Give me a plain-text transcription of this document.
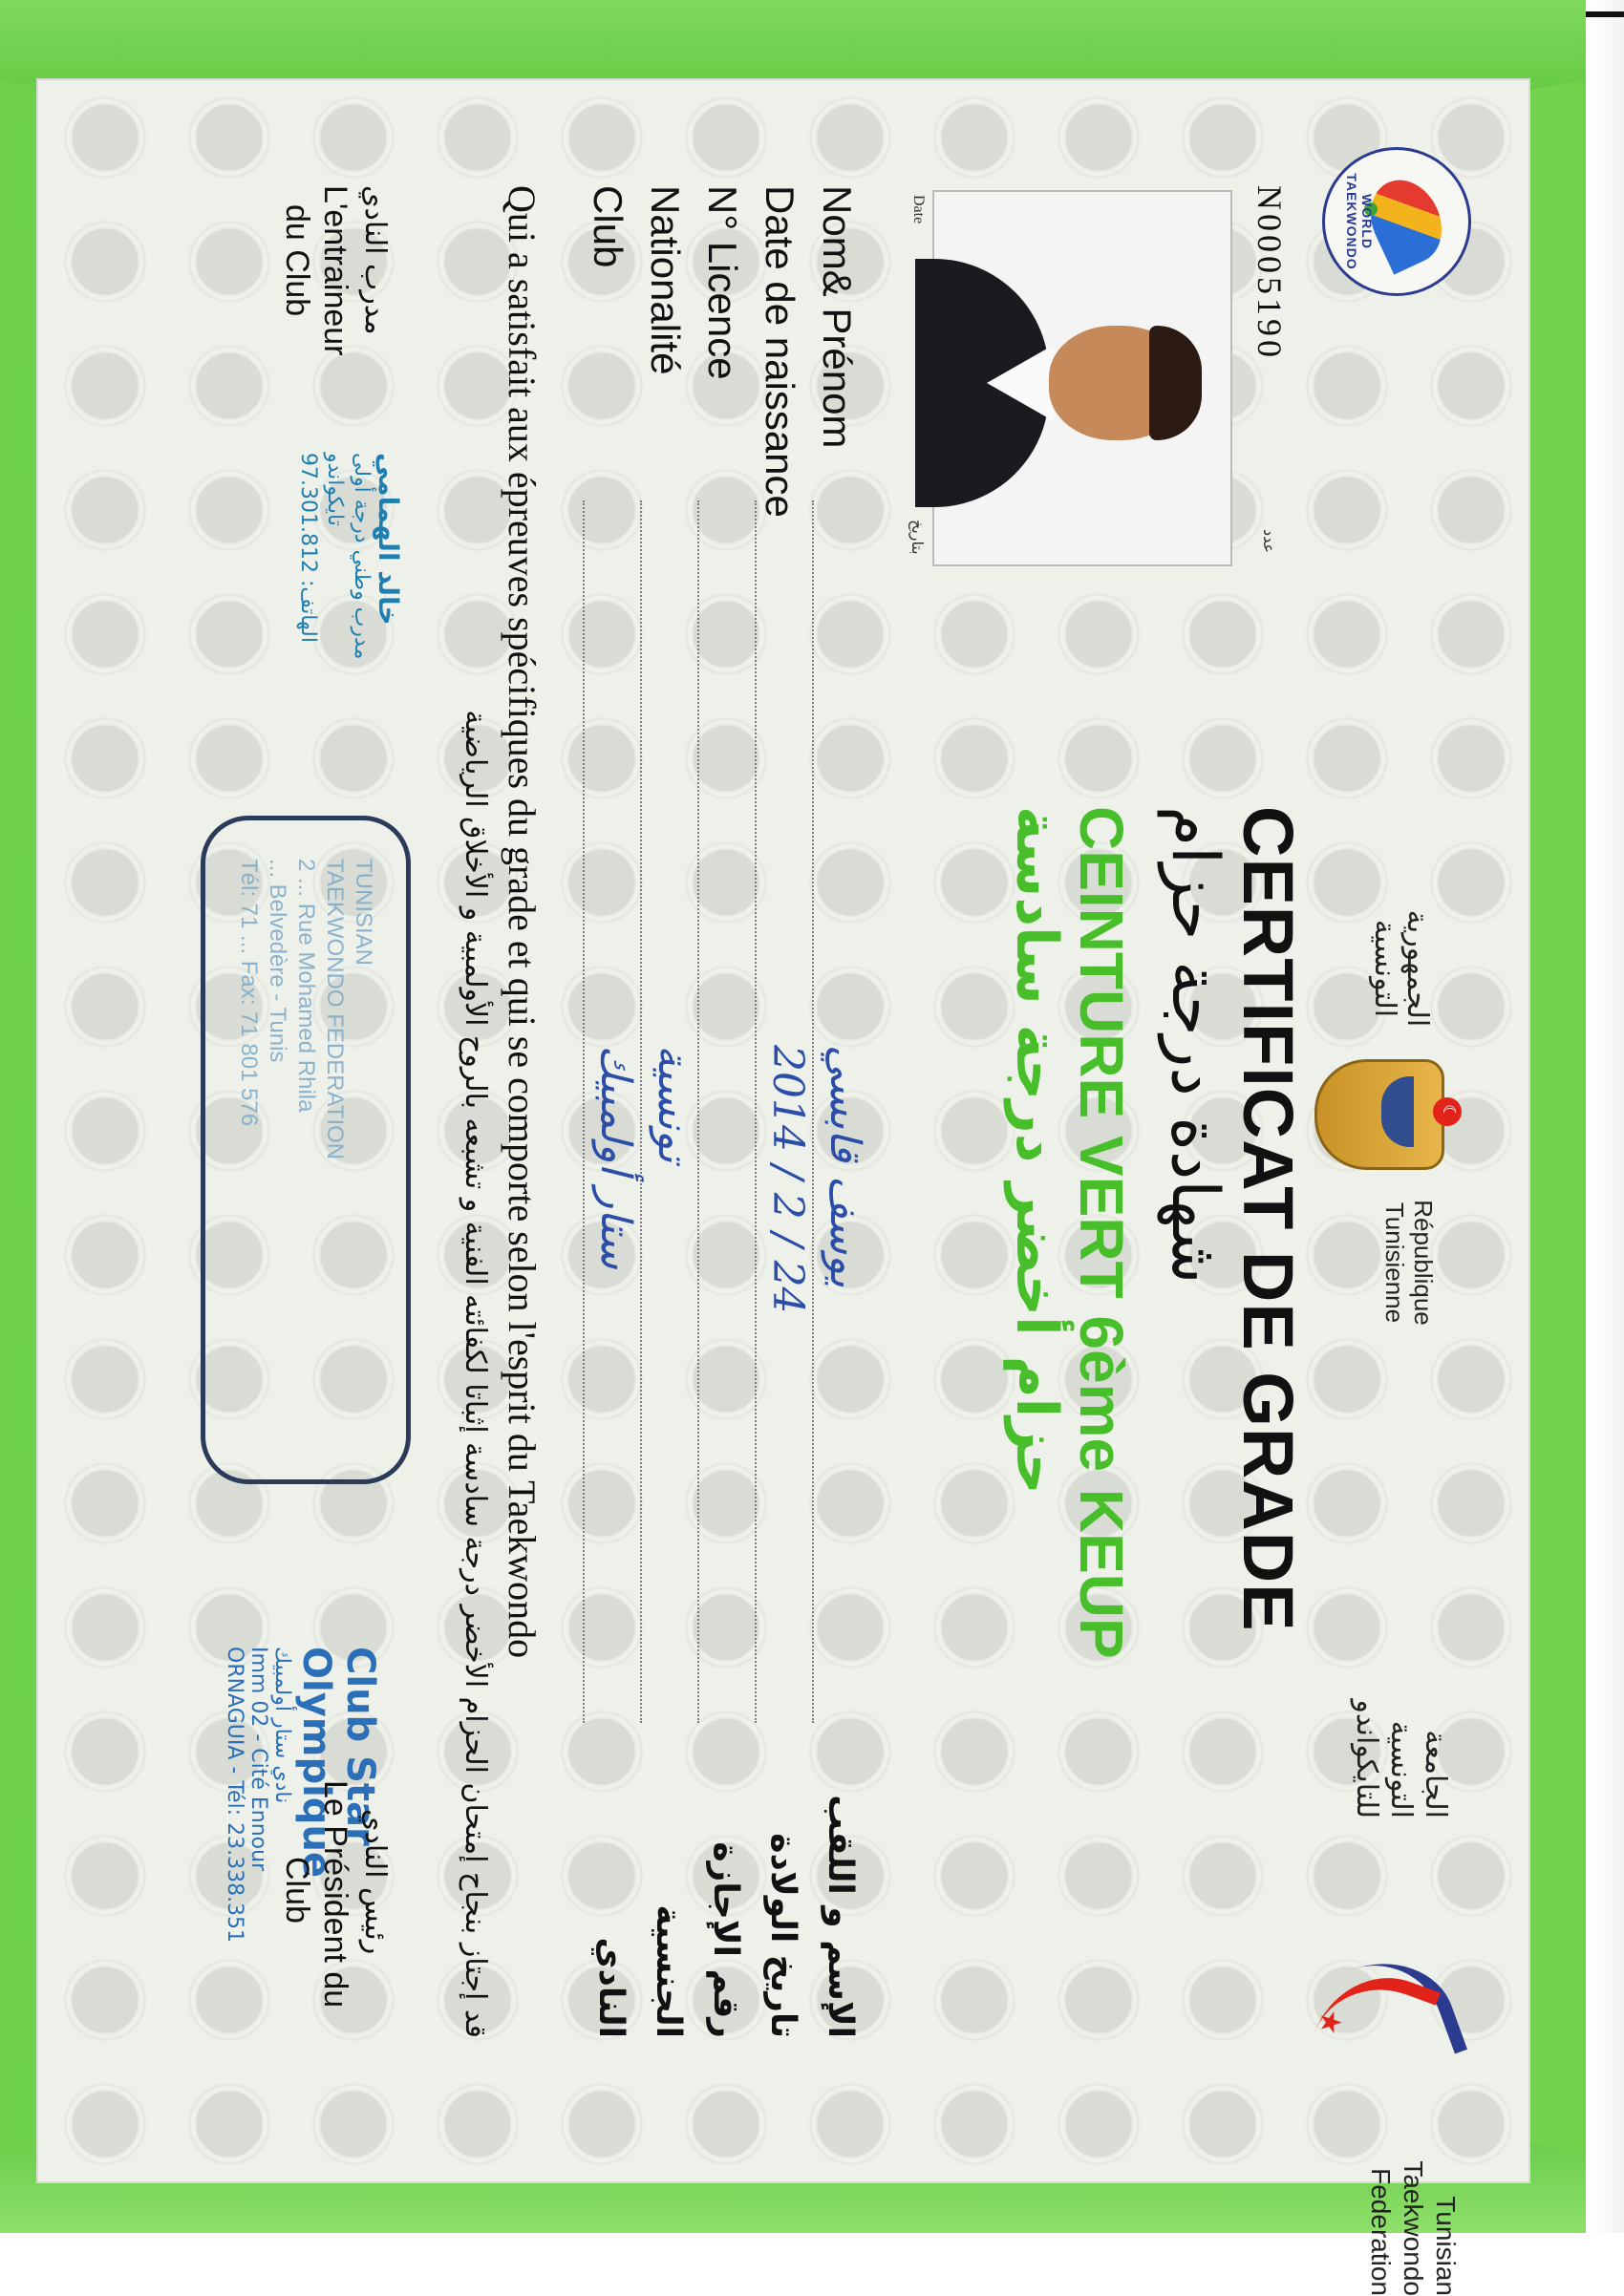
WORLD TAEKWONDO
الجمهورية
التونسية
☾
République
Tunisienne
الجامعة
التونسية
للتايكواندو
★
Tunisian
Taekwondo
Federation
N0005190
عدد
Date
بتاريخ
CERTIFICAT DE GRADE
شهادة درجة حزام
CEINTURE VERT 6ème KEUP
حزام أخضر درجة سادسة
Nom& Prénom
يوسف قابسي
الإسم و اللقب
Date de naissance
2014 / 2 / 24
تاريخ الولادة
N° Licence
رقم الإجازة
Nationalité
تونسية
الجنسية
Club
ستار أولمبيك
النادي
Qui a satisfait aux épreuves spécifiques du grade et qui se comporte selon l'esprit du Taekwondo
قد إجتاز بنجاح إمتحان الحزام الأخضر درجة سادسة إثباتا لكفائته الفنية و تشبعه بالروح الأولمبية و الأخلاق الرياضية
مدرب النادي
L'entraineur
du Club
خالد الهمامي
مدرب وطني درجة أولى
تايكواندو
الهاتف: 97.301.812
TUNISIAN
TAEKWONDO FEDERATION
2 ... Rue Mohamed Rhila
... Belvedère - Tunis
Tél: 71 ... Fax: 71 801 576
Club Star Olympique
نادي ستار أولمبيك
Imm 02 - Cité Ennour
ORNAGUIA - Tél: 23.338.351	رئيس النادي
Le Président du
Club
